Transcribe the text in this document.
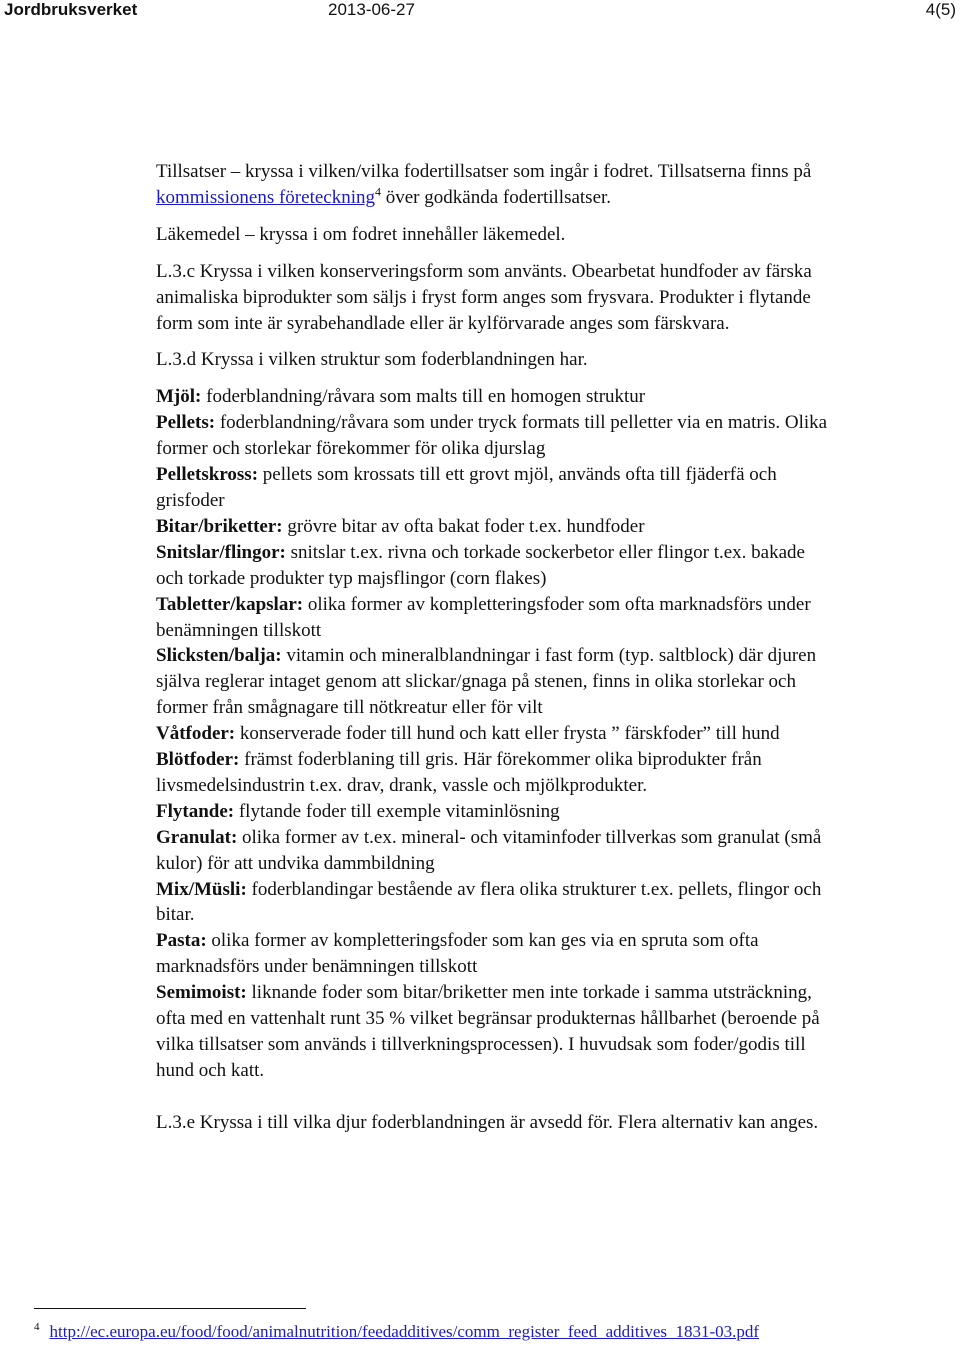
Jordbruksverket	2013-06-27	4(5)

Tillsatser – kryssa i vilken/vilka fodertillsatser som ingår i fodret. Tillsatserna finns på kommissionens företeckning$^4$ över godkända fodertillsatser.

Läkemedel – kryssa i om fodret innehåller läkemedel.

L.3.c Kryssa i vilken konserveringsform som använts. Obearbetat hundfoder av färska animaliska biprodukter som säljs i fryst form anges som frysvara. Produkter i flytande form som inte är syrabehandlade eller är kylförvarade anges som färskvara.

L.3.d Kryssa i vilken struktur som foderblandningen har.

Mjöl: foderblandning/råvara som malts till en homogen struktur

Pellets: foderblandning/råvara som under tryck formats till pelletter via en matris. Olika former och storlekar förekommer för olika djurslag

Pelletskross: pellets som krossats till ett grovt mjöl, används ofta till fjäderfä och grisfoder

Bitar/briketter: grövre bitar av ofta bakat foder t.ex. hundfoder

Snitslar/flingor: snitslar t.ex. rivna och torkade sockerbetor eller flingor t.ex. bakade och torkade produkter typ majsflingor (corn flakes)

Tabletter/kapslar: olika former av kompletteringsfoder som ofta marknadsförs under benämningen tillskott

Slicksten/balja: vitamin och mineralblandningar i fast form (typ. saltblock) där djuren själva reglerar intaget genom att slickar/gnaga på stenen, finns in olika storlekar och former från smågnagare till nötkreatur eller för vilt

Våtfoder: konserverade foder till hund och katt eller frysta ” färskfoder” till hund

Blötfoder: främst foderblaning till gris. Här förekommer olika biprodukter från livsmedelsindustrin t.ex. drav, drank, vassle och mjölkprodukter.

Flytande: flytande foder till exemple vitaminlösning

Granulat: olika former av t.ex. mineral- och vitaminfoder tillverkas som granulat (små kulor) för att undvika dammbildning

Mix/Müsli: foderblandingar bestående av flera olika strukturer t.ex. pellets, flingor och bitar.

Pasta: olika former av kompletteringsfoder som kan ges via en spruta som ofta marknadsförs under benämningen tillskott

Semimoist: liknande foder som bitar/briketter men inte torkade i samma utsträckning, ofta med en vattenhalt runt 35 % vilket begränsar produkternas hållbarhet (beroende på vilka tillsatser som används i tillverkningsprocessen). I huvudsak som foder/godis till hund och katt.

L.3.e Kryssa i till vilka djur foderblandningen är avsedd för. Flera alternativ kan anges.

$^4$ http://ec.europa.eu/food/food/animalnutrition/feedadditives/comm_register_feed_additives_1831-03.pdf
